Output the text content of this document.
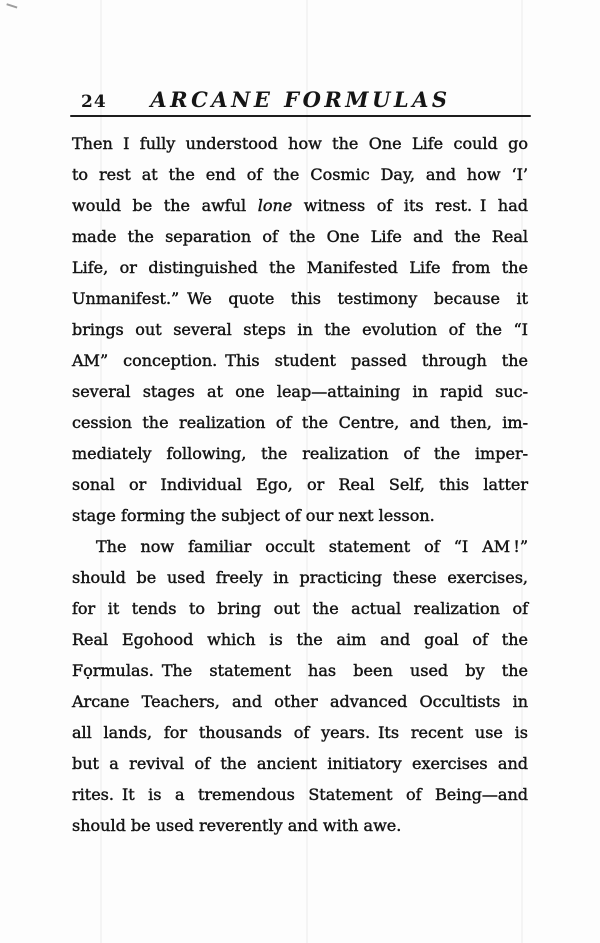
24	ARCANE FORMULAS
Then I fully understood how the One Life could go
to rest at the end of the Cosmic Day, and how ‘I’
would be the awful lone witness of its rest. I had
made the separation of the One Life and the Real
Life, or distinguished the Manifested Life from the
Unmanifest.” We quote this testimony because it
brings out several steps in the evolution of the “I
AM” conception. This student passed through the
several stages at one leap—attaining in rapid suc-
cession the realization of the Centre, and then, im-
mediately following, the realization of the imper-
sonal or Individual Ego, or Real Self, this latter
stage forming the subject of our next lesson.
The now familiar occult statement of “I AM !”
should be used freely in practicing these exercises,
for it tends to bring out the actual realization of
Real Egohood which is the aim and goal of the
Fọrmulas. The statement has been used by the
Arcane Teachers, and other advanced Occultists in
all lands, for thousands of years. Its recent use is
but a revival of the ancient initiatory exercises and
rites. It is a tremendous Statement of Being—and
should be used reverently and with awe.
